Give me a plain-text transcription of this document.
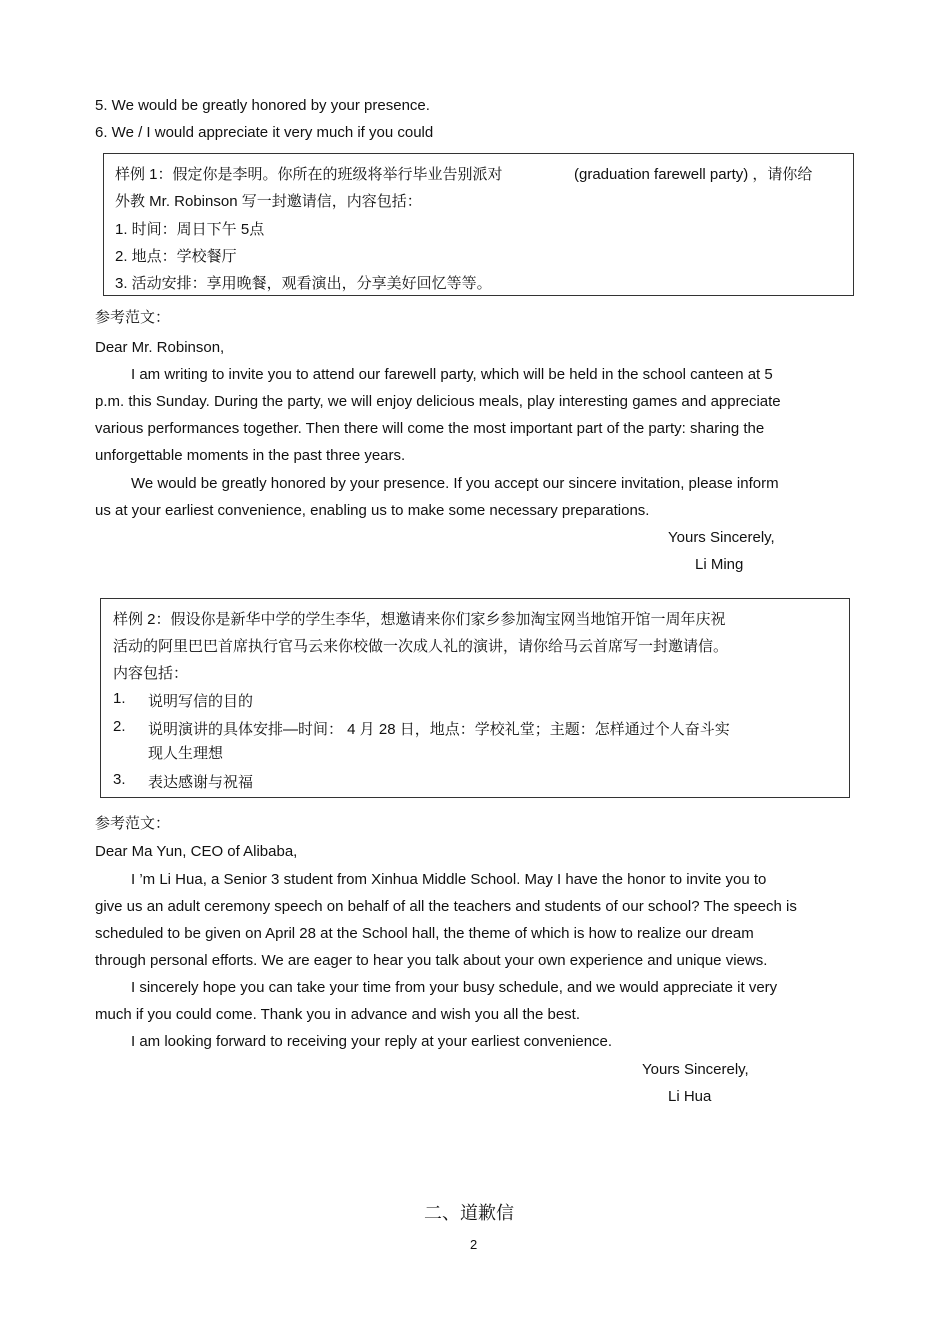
5. We would be greatly honored by your presence.
6. We / I would appreciate it very much if you could
样例 1：假定你是李明。你所在的班级将举行毕业告别派对	(graduation farewell party) ，请你给
外教 Mr. Robinson 写一封邀请信，内容包括：
1. 时间：周日下午 5点
2. 地点：学校餐厅
3. 活动安排：享用晚餐，观看演出，分享美好回忆等等。
参考范文：
Dear Mr. Robinson,
I am writing to invite you to attend our farewell party, which will be held in the school canteen at 5
p.m. this Sunday. During the party, we will enjoy delicious meals, play interesting games and appreciate
various performances together. Then there will come the most important part of the party: sharing the
unforgettable moments in the past three years.
We would be greatly honored by your presence. If you accept our sincere invitation, please inform
us at your earliest convenience, enabling us to make some necessary preparations.
Yours Sincerely,
Li Ming
样例 2：假设你是新华中学的学生李华，想邀请来你们家乡参加淘宝网当地馆开馆一周年庆祝
活动的阿里巴巴首席执行官马云来你校做一次成人礼的演讲，请你给马云首席写一封邀请信。
内容包括：
1. 说明写信的目的
2. 说明演讲的具体安排—时间： 4 月 28 日，地点：学校礼堂；主题：怎样通过个人奋斗实
现人生理想
3. 表达感谢与祝福
参考范文：
Dear Ma Yun, CEO of Alibaba,
I ’m Li Hua, a Senior 3 student from Xinhua Middle School. May I have the honor to invite you to
give us an adult ceremony speech on behalf of all the teachers and students of our school? The speech is
scheduled to be given on April 28 at the School hall, the theme of which is how to realize our dream
through personal efforts. We are eager to hear you talk about your own experience and unique views.
I sincerely hope you can take your time from your busy schedule, and we would appreciate it very
much if you could come. Thank you in advance and wish you all the best.
I am looking forward to receiving your reply at your earliest convenience.
Yours Sincerely,
Li Hua
二、道歉信
2
